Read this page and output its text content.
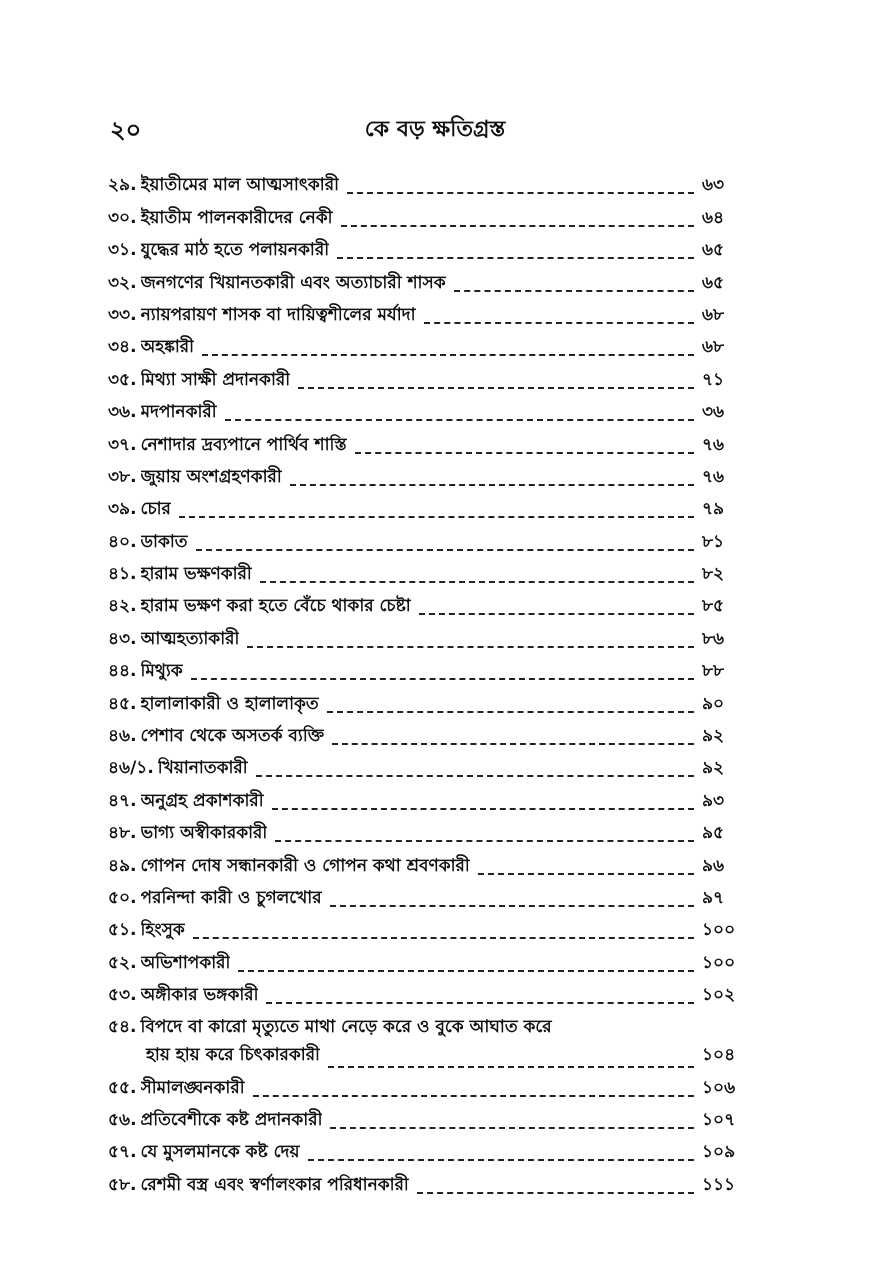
২০	কে বড় ক্ষতিগ্রস্ত
২৯. ইয়াতীমের মাল আত্মসাৎকারী	৬৩
৩০. ইয়াতীম পালনকারীদের নেকী	৬৪
৩১. যুদ্ধের মাঠ হতে পলায়নকারী	৬৫
৩২. জনগণের খিয়ানতকারী এবং অত্যাচারী শাসক	৬৫
৩৩. ন্যায়পরায়ণ শাসক বা দায়িত্বশীলের মর্যাদা	৬৮
৩৪. অহঙ্কারী	৬৮
৩৫. মিথ্যা সাক্ষী প্রদানকারী	৭১
৩৬. মদপানকারী	৩৬
৩৭. নেশাদার দ্রব্যপানে পার্থিব শাস্তি	৭৬
৩৮. জুয়ায় অংশগ্রহণকারী	৭৬
৩৯. চোর	৭৯
৪০. ডাকাত	৮১
৪১. হারাম ভক্ষণকারী	৮২
৪২. হারাম ভক্ষণ করা হতে বেঁচে থাকার চেষ্টা	৮৫
৪৩. আত্মহত্যাকারী	৮৬
৪৪. মিথ্যুক	৮৮
৪৫. হালালাকারী ও হালালাকৃত	৯০
৪৬. পেশাব থেকে অসতর্ক ব্যক্তি	৯২
৪৬/১. খিয়ানাতকারী	৯২
৪৭. অনুগ্রহ প্রকাশকারী	৯৩
৪৮. ভাগ্য অস্বীকারকারী	৯৫
৪৯. গোপন দোষ সন্ধানকারী ও গোপন কথা শ্রবণকারী	৯৬
৫০. পরনিন্দা কারী ও চুগলখোর	৯৭
৫১. হিংসুক	১০০
৫২. অভিশাপকারী	১০০
৫৩. অঙ্গীকার ভঙ্গকারী	১০২
৫৪. বিপদে বা কারো মৃত্যুতে মাথা নেড়ে করে ও বুকে আঘাত করে
হায় হায় করে চিৎকারকারী	১০৪
৫৫. সীমালঙ্ঘনকারী	১০৬
৫৬. প্রতিবেশীকে কষ্ট প্রদানকারী	১০৭
৫৭. যে মুসলমানকে কষ্ট দেয়	১০৯
৫৮. রেশমী বস্ত্র এবং স্বর্ণালংকার পরিধানকারী	১১১
